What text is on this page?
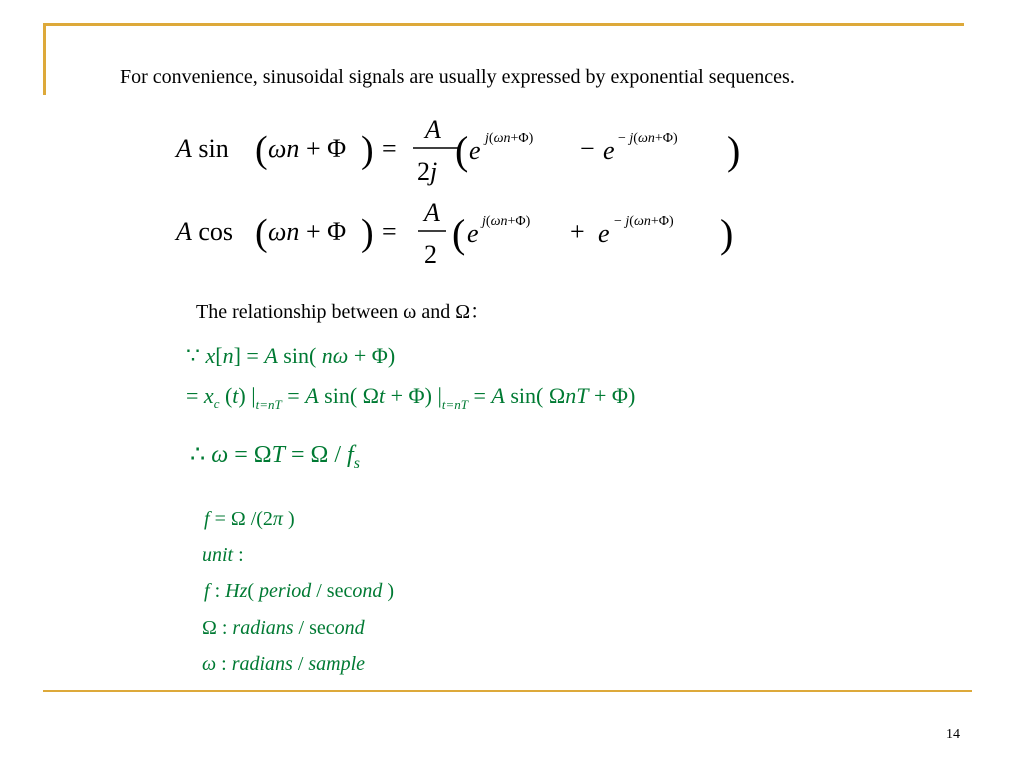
For convenience, sinusoidal signals are usually expressed by exponential sequences.
A sin ( ωn + Φ ) =
A
2j ( e j(ωn+Φ) − e − j(ωn+Φ) )
A cos ( ωn + Φ ) =
A
2 ( e j(ωn+Φ) + e − j(ωn+Φ) )
∵ x[n] = A sin( nω + Φ)
= $x_c$ (t) $|_{t=nT} = A$ sin( Ωt + Φ) $|_{t=nT} = A$ sin( ΩnT + Φ)
∴ $\omega = \Omega T = \Omega / f_s$
f = Ω /(2π )
unit :
f : Hz( period / second )
Ω : radians / second
ω : radians / sample
The relationship between ω and Ω：
14
